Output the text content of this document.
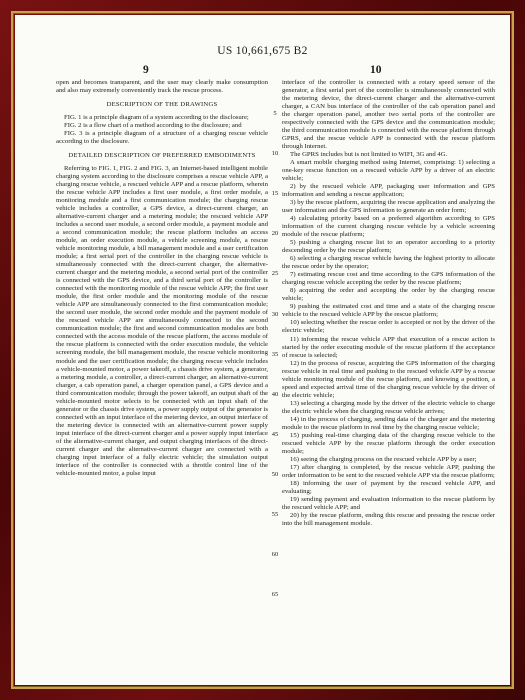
US 10,661,675 B2
9	10

open and becomes transparent, and the user may clearly make consumption and also may extremely conveniently track the rescue process.

DESCRIPTION OF THE DRAWINGS

FIG. 1 is a principle diagram of a system according to the disclosure;

FIG. 2 is a flow chart of a method according to the disclosure; and

FIG. 3 is a principle diagram of a structure of a charging rescue vehicle according to the disclosure.

DETAILED DESCRIPTION OF PREFERRED EMBODIMENTS

Referring to FIG. 1, FIG. 2 and FIG. 3, an Internet-based intelligent mobile charging system according to the disclosure comprises a rescue vehicle APP, a charging rescue vehicle, a rescued vehicle APP and a rescue platform, wherein the rescue vehicle APP includes a first user module, a first order module, a monitoring module and a first communication module; the charging rescue vehicle includes a controller, a GPS device, a direct-current charger, an alternative-current charger and a metering module; the rescued vehicle APP includes a second user module, a second order module, a payment module and a second communication module; the rescue platform includes an access module, an order execution module, a vehicle screening module, a rescue vehicle monitoring module, a bill management module and a user certification module; a first serial port of the controller in the charging rescue vehicle is simultaneously connected with the direct-current charger, the alternative-current charger and the metering module, a second serial port of the controller is connected with the GPS device, and a third serial port of the controller is connected with the monitoring module of the rescue vehicle APP; the first user module, the first order module and the monitoring module of the rescue vehicle APP are simultaneously connected to the first communication module; the second user module, the second order module and the payment module of the rescued vehicle APP are simultaneously connected to the second communication module; the first and second communication modules are both connected with the access module of the rescue platform, the access module of the rescue platform is connected with the order execution module, the vehicle screening module, the bill management module, the rescue vehicle monitoring module and the user certification module; the charging rescue vehicle includes a vehicle-mounted motor, a power takeoff, a chassis drive system, a generator, a metering module, a controller, a direct-current charger, an alternative-current charger, a cab operation panel, a charger operation panel, a GPS device and a third communication module; through the power takeoff, an output shaft of the vehicle-mounted motor selects to be connected with an input shaft of the generator or the chassis drive system, a power supply output of the generator is connected with an input interface of the metering device, an output interface of the metering device is connected with an alternative-current power supply input interface of the direct-current charger and a power supply input interface of the alternative-current charger, and output charging interfaces of the direct-current charger and the alternative-current charger are connected with a charging input interface of a fully electric vehicle; the simulation output interface of the controller is connected with a throttle control line of the vehicle-mounted motor, a pulse input

interface of the controller is connected with a rotary speed sensor of the generator, a first serial port of the controller is simultaneously connected with the metering device, the direct-current charger and the alternative-current charger, a CAN bus interface of the controller of the cab operation panel and the charger operation panel, another two serial ports of the controller are respectively connected with the GPS device and the communication module; the third communication module is connected with the rescue platform through GPRS, and the rescue vehicle APP is connected with the rescue platform through Internet.

The GPRS includes but is not limited to WIFI, 3G and 4G.

A smart mobile charging method using Internet, comprising: 1) selecting a one-key rescue function on a rescued vehicle APP by a driver of an electric vehicle;

2) by the rescued vehicle APP, packaging user information and GPS information and sending a rescue application;

3) by the rescue platform, acquiring the rescue application and analyzing the user information and the GPS information to generate an order form;

4) calculating priority based on a preferred algorithm according to GPS information of the current charging rescue vehicle by a vehicle screening module of the rescue platform;

5) pushing a charging rescue list to an operator according to a priority descending order by the rescue platform;

6) selecting a charging rescue vehicle having the highest priority to allocate the rescue order by the operator;

7) estimating rescue cost and time according to the GPS information of the charging rescue vehicle accepting the order by the rescue platform;

8) acquiring the order and accepting the order by the charging rescue vehicle;

9) pushing the estimated cost and time and a state of the charging rescue vehicle to the rescued vehicle APP by the rescue platform;

10) selecting whether the rescue order is accepted or not by the driver of the electric vehicle;

11) informing the rescue vehicle APP that execution of a rescue action is started by the order executing module of the rescue platform if the acceptance of rescue is selected;

12) in the process of rescue, acquiring the GPS information of the charging rescue vehicle in real time and pushing to the rescued vehicle APP by a rescue vehicle monitoring module of the rescue platform, and knowing a position, a speed and expected arrival time of the charging rescue vehicle by the driver of the electric vehicle;

13) selecting a charging mode by the driver of the electric vehicle to charge the electric vehicle when the charging rescue vehicle arrives;

14) in the process of charging, sending data of the charger and the metering module to the rescue platform in real time by the charging rescue vehicle;

15) pushing real-time charging data of the charging rescue vehicle to the rescued vehicle APP by the rescue platform through the order execution module;

16) seeing the charging process on the rescued vehicle APP by a user;

17) after charging is completed, by the rescue vehicle APP, pushing the order information to be sent to the rescued vehicle APP via the rescue platform;

18) informing the user of payment by the rescued vehicle APP, and evaluating;

19) sending payment and evaluation information to the rescue platform by the rescued vehicle APP; and

20) by the rescue platform, ending this rescue and pressing the rescue order into the bill management module.

5
10
15
20
25
30
35
40
45
50
55
60
65
